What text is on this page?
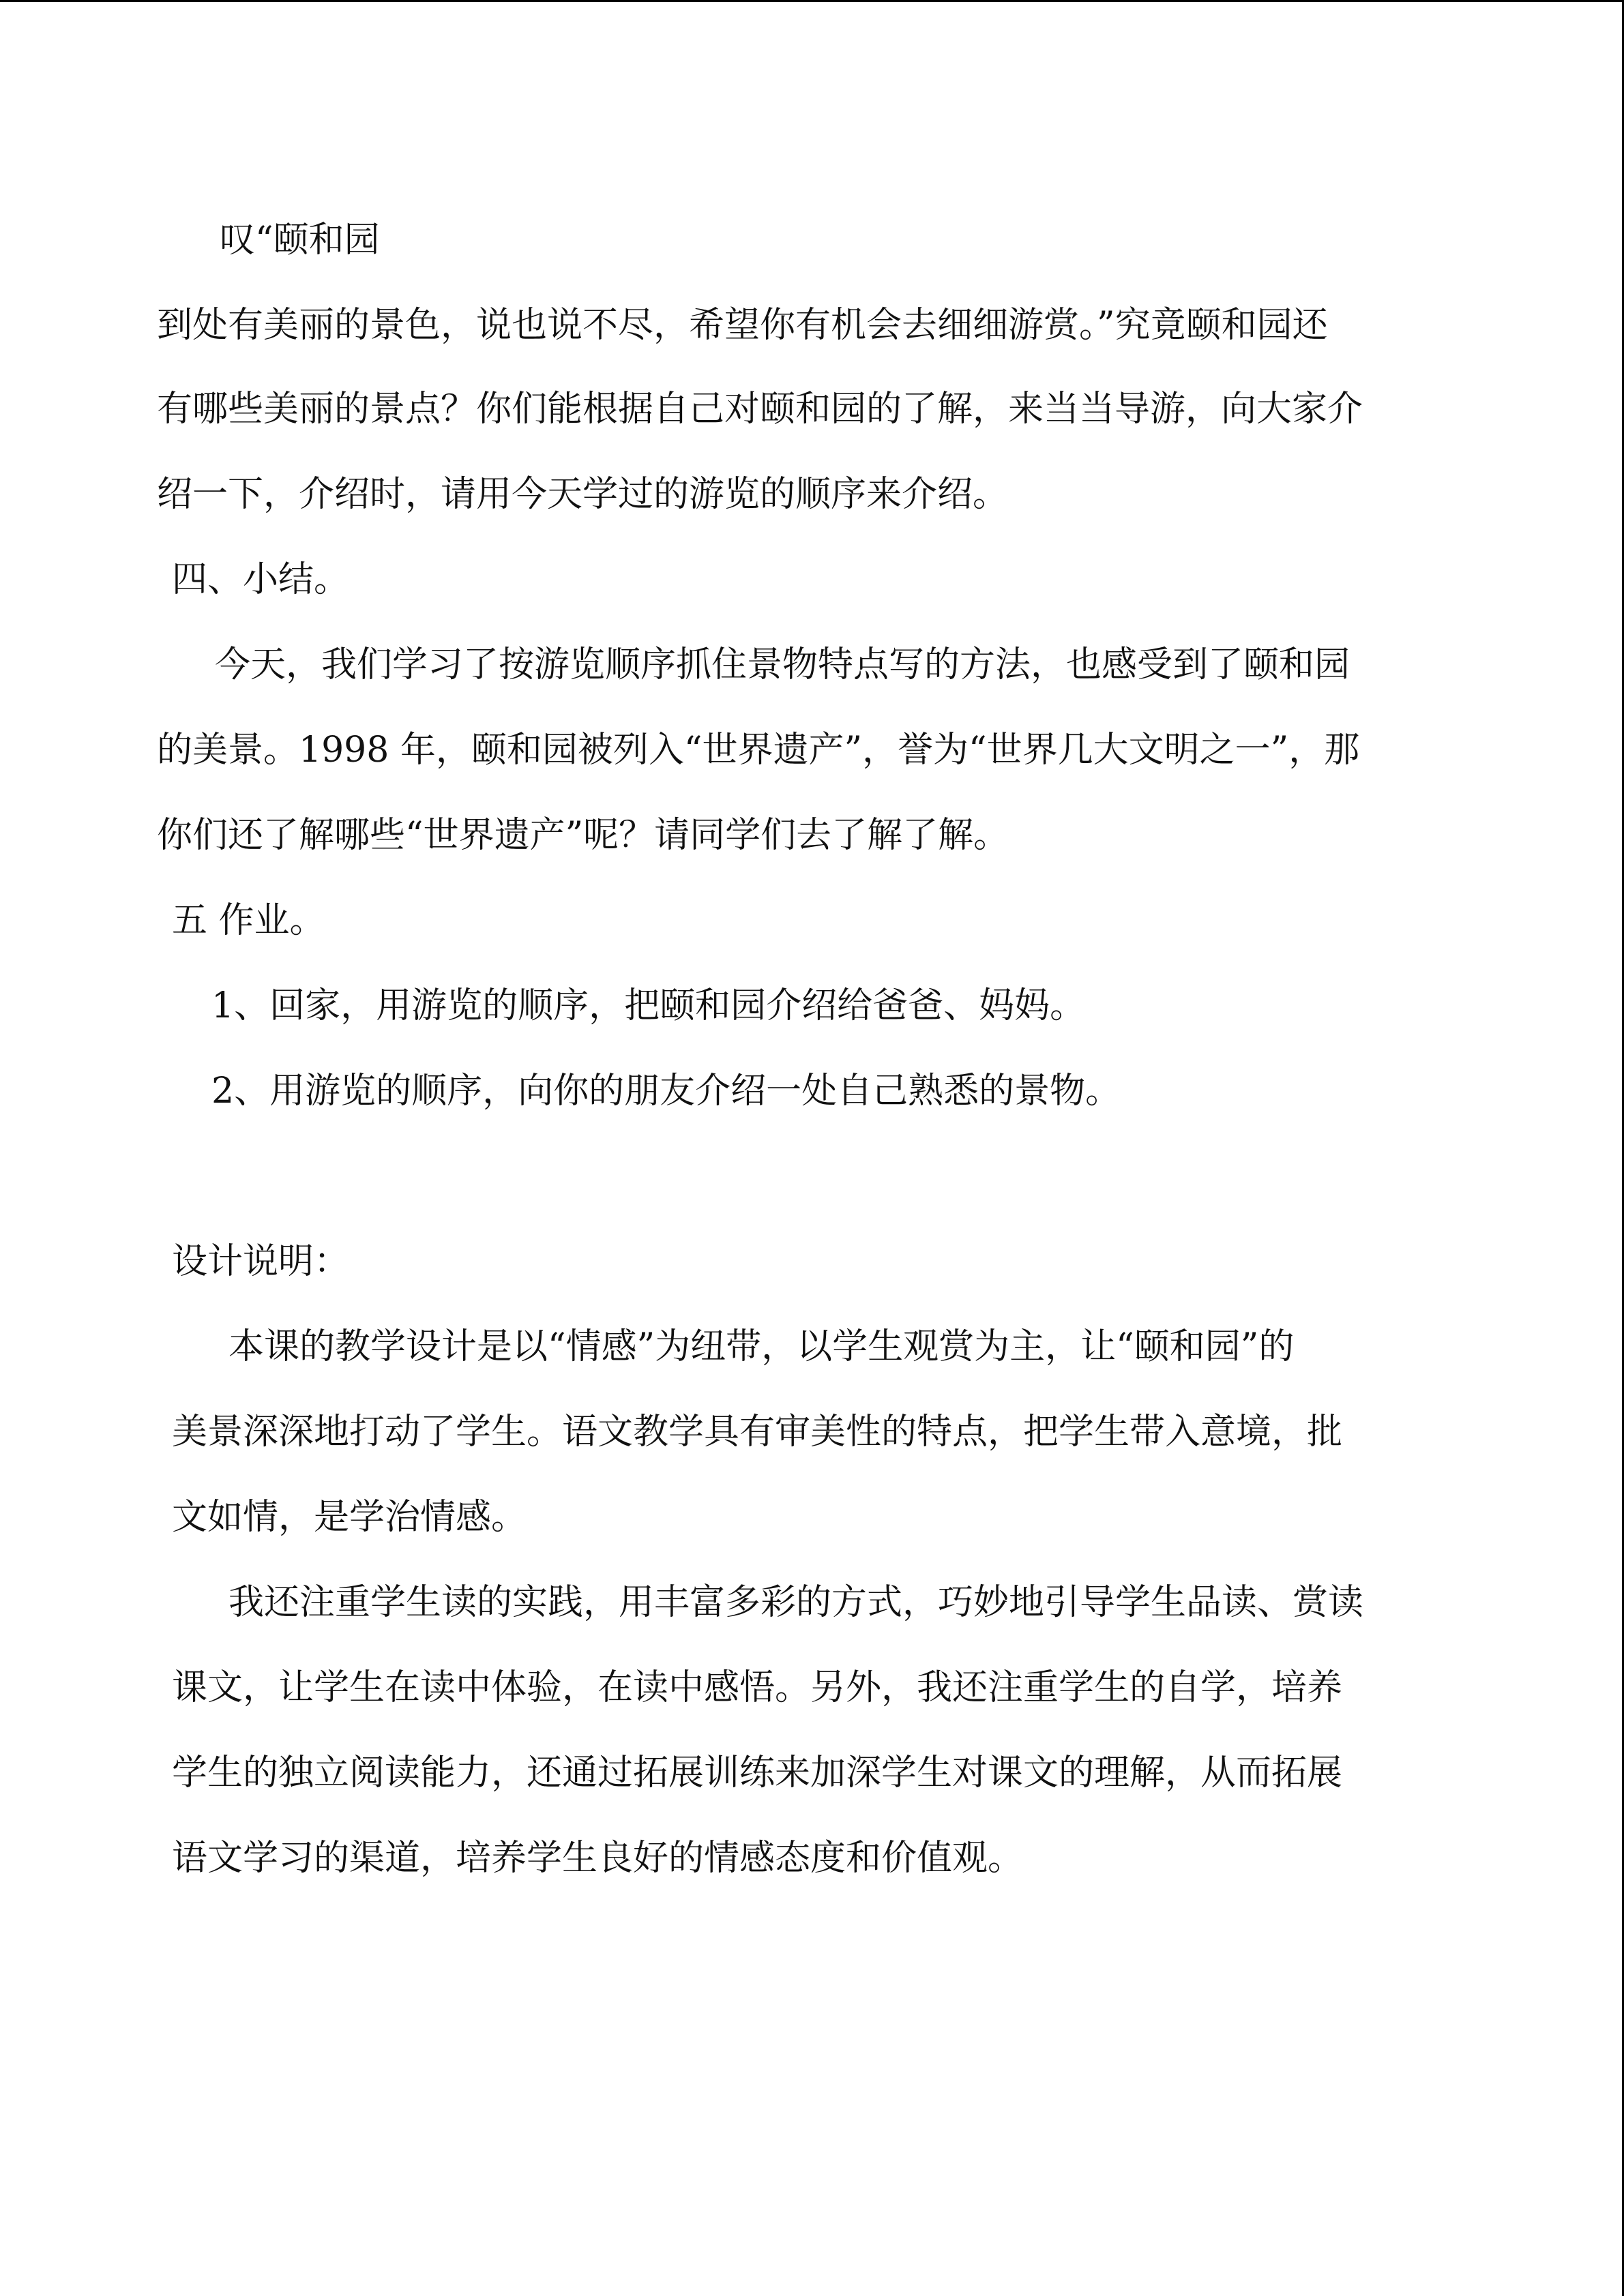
叹“颐和园

到处有美丽的景色，说也说不尽，希望你有机会去细细游赏。”究竟颐和园还

有哪些美丽的景点？你们能根据自己对颐和园的了解，来当当导游，向大家介

绍一下，介绍时，请用今天学过的游览的顺序来介绍。

四、小结。

今天，我们学习了按游览顺序抓住景物特点写的方法，也感受到了颐和园

的美景。1998 年，颐和园被列入“世界遗产”，誉为“世界几大文明之一”，那

你们还了解哪些“世界遗产”呢？请同学们去了解了解。

五 作业。

1、回家，用游览的顺序，把颐和园介绍给爸爸、妈妈。

2、用游览的顺序，向你的朋友介绍一处自己熟悉的景物。

设计说明：

本课的教学设计是以“情感”为纽带，以学生观赏为主，让“颐和园”的

美景深深地打动了学生。语文教学具有审美性的特点，把学生带入意境，批

文如情，是学治情感。

我还注重学生读的实践，用丰富多彩的方式，巧妙地引导学生品读、赏读

课文，让学生在读中体验，在读中感悟。另外，我还注重学生的自学，培养

学生的独立阅读能力，还通过拓展训练来加深学生对课文的理解，从而拓展

语文学习的渠道，培养学生良好的情感态度和价值观。
